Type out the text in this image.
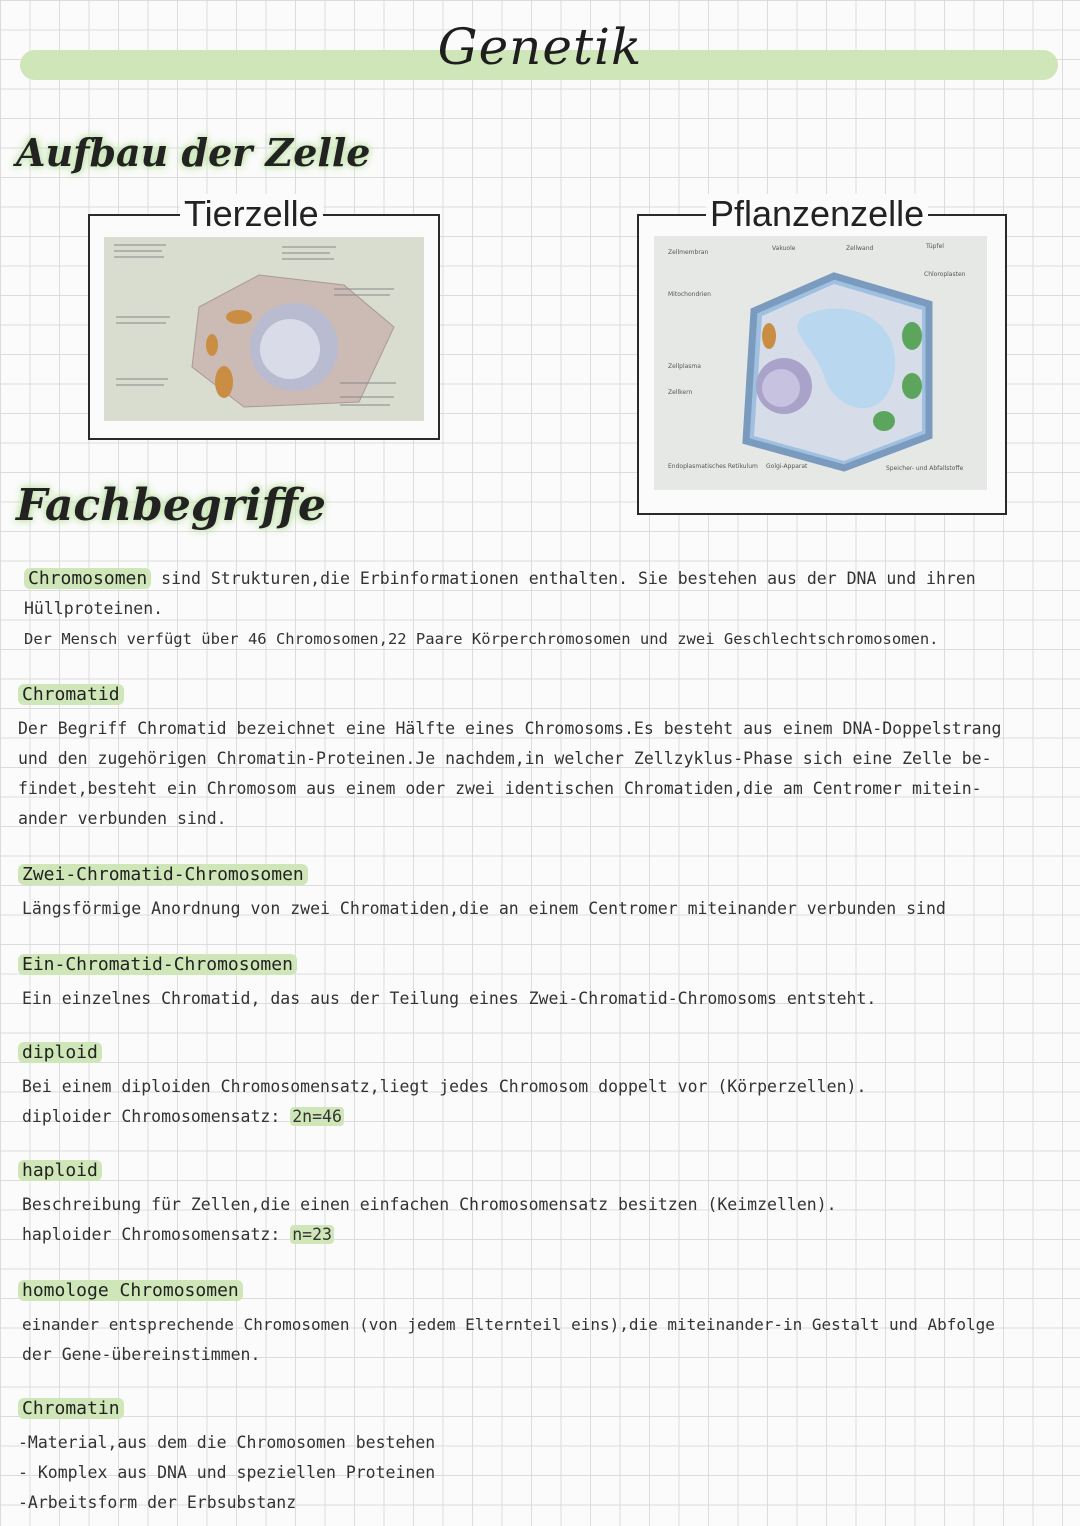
Genetik
Aufbau der Zelle
Tierzelle	Pflanzenzelle
Zellmembran
Vakuole	Zellwand	Tüpfel
Chloroplasten
Mitochondrien
Zellplasma
Zellkern
Endoplasmatisches Retikulum Golgi-Apparat	Speicher- und Abfallstoffe
Fachbegriffe
Chromosomen sind Strukturen,die Erbinformationen enthalten. Sie bestehen aus der DNA und ihren
Hüllproteinen.
Der Mensch verfügt über 46 Chromosomen,22 Paare Körperchromosomen und zwei Geschlechtschromosomen.
Chromatid
Der Begriff Chromatid bezeichnet eine Hälfte eines Chromosoms.Es besteht aus einem DNA-Doppelstrang
und den zugehörigen Chromatin-Proteinen.Je nachdem,in welcher Zellzyklus-Phase sich eine Zelle be-
findet,besteht ein Chromosom aus einem oder zwei identischen Chromatiden,die am Centromer mitein-
ander verbunden sind.
Zwei-Chromatid-Chromosomen
Längsförmige Anordnung von zwei Chromatiden,die an einem Centromer miteinander verbunden sind
Ein-Chromatid-Chromosomen
Ein einzelnes Chromatid, das aus der Teilung eines Zwei-Chromatid-Chromosoms entsteht.
diploid
Bei einem diploiden Chromosomensatz,liegt jedes Chromosom doppelt vor (Körperzellen).
diploider Chromosomensatz: 2n=46
haploid
Beschreibung für Zellen,die einen einfachen Chromosomensatz besitzen (Keimzellen).
haploider Chromosomensatz: n=23
homologe Chromosomen
einander entsprechende Chromosomen (von jedem Elternteil eins),die miteinander-in Gestalt und Abfolge
der Gene-übereinstimmen.
Chromatin
-Material,aus dem die Chromosomen bestehen
- Komplex aus DNA und speziellen Proteinen
-Arbeitsform der Erbsubstanz
